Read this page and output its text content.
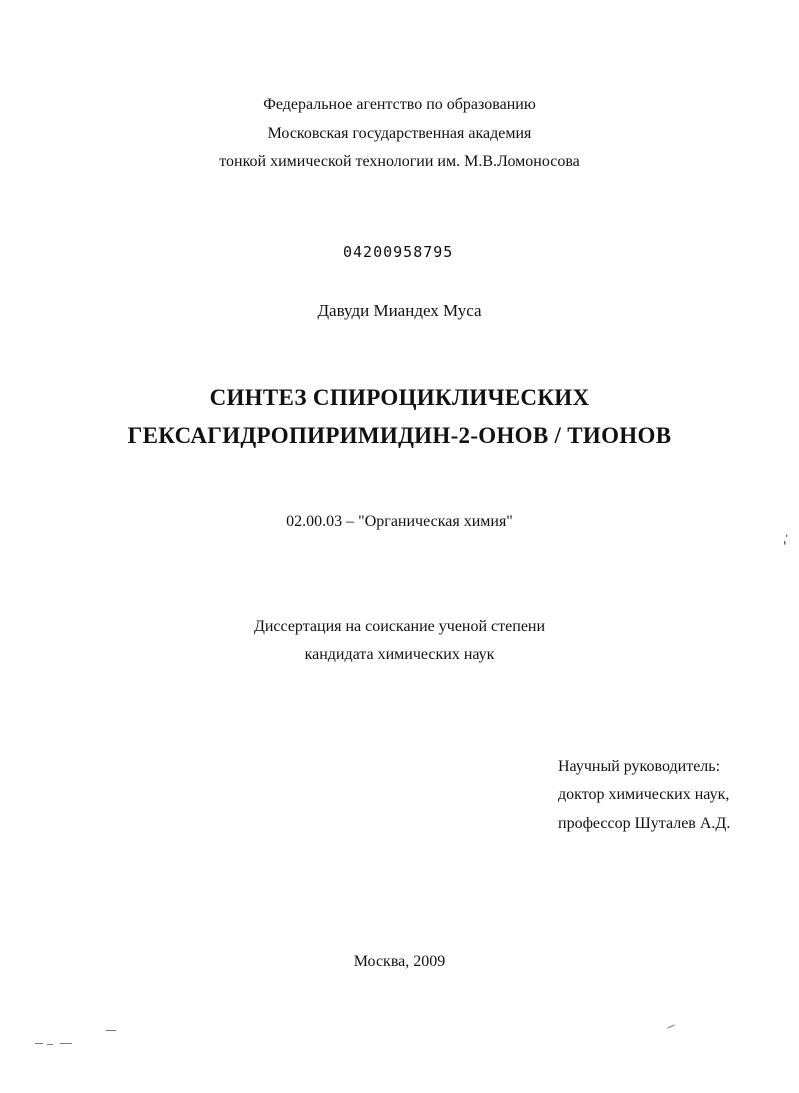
Федеральное агентство по образованию
Московская государственная академия
тонкой химической технологии им. М.В.Ломоносова
04200958795
Давуди Миандех Муса
СИНТЕЗ СПИРОЦИКЛИЧЕСКИХ
ГЕКСАГИДРОПИРИМИДИН-2-ОНОВ / ТИОНОВ
02.00.03 – "Органическая химия"
Диссертация на соискание ученой степени
кандидата химических наук
Научный руководитель:
доктор химических наук,
профессор Шуталев А.Д.
Москва, 2009
‚
'
